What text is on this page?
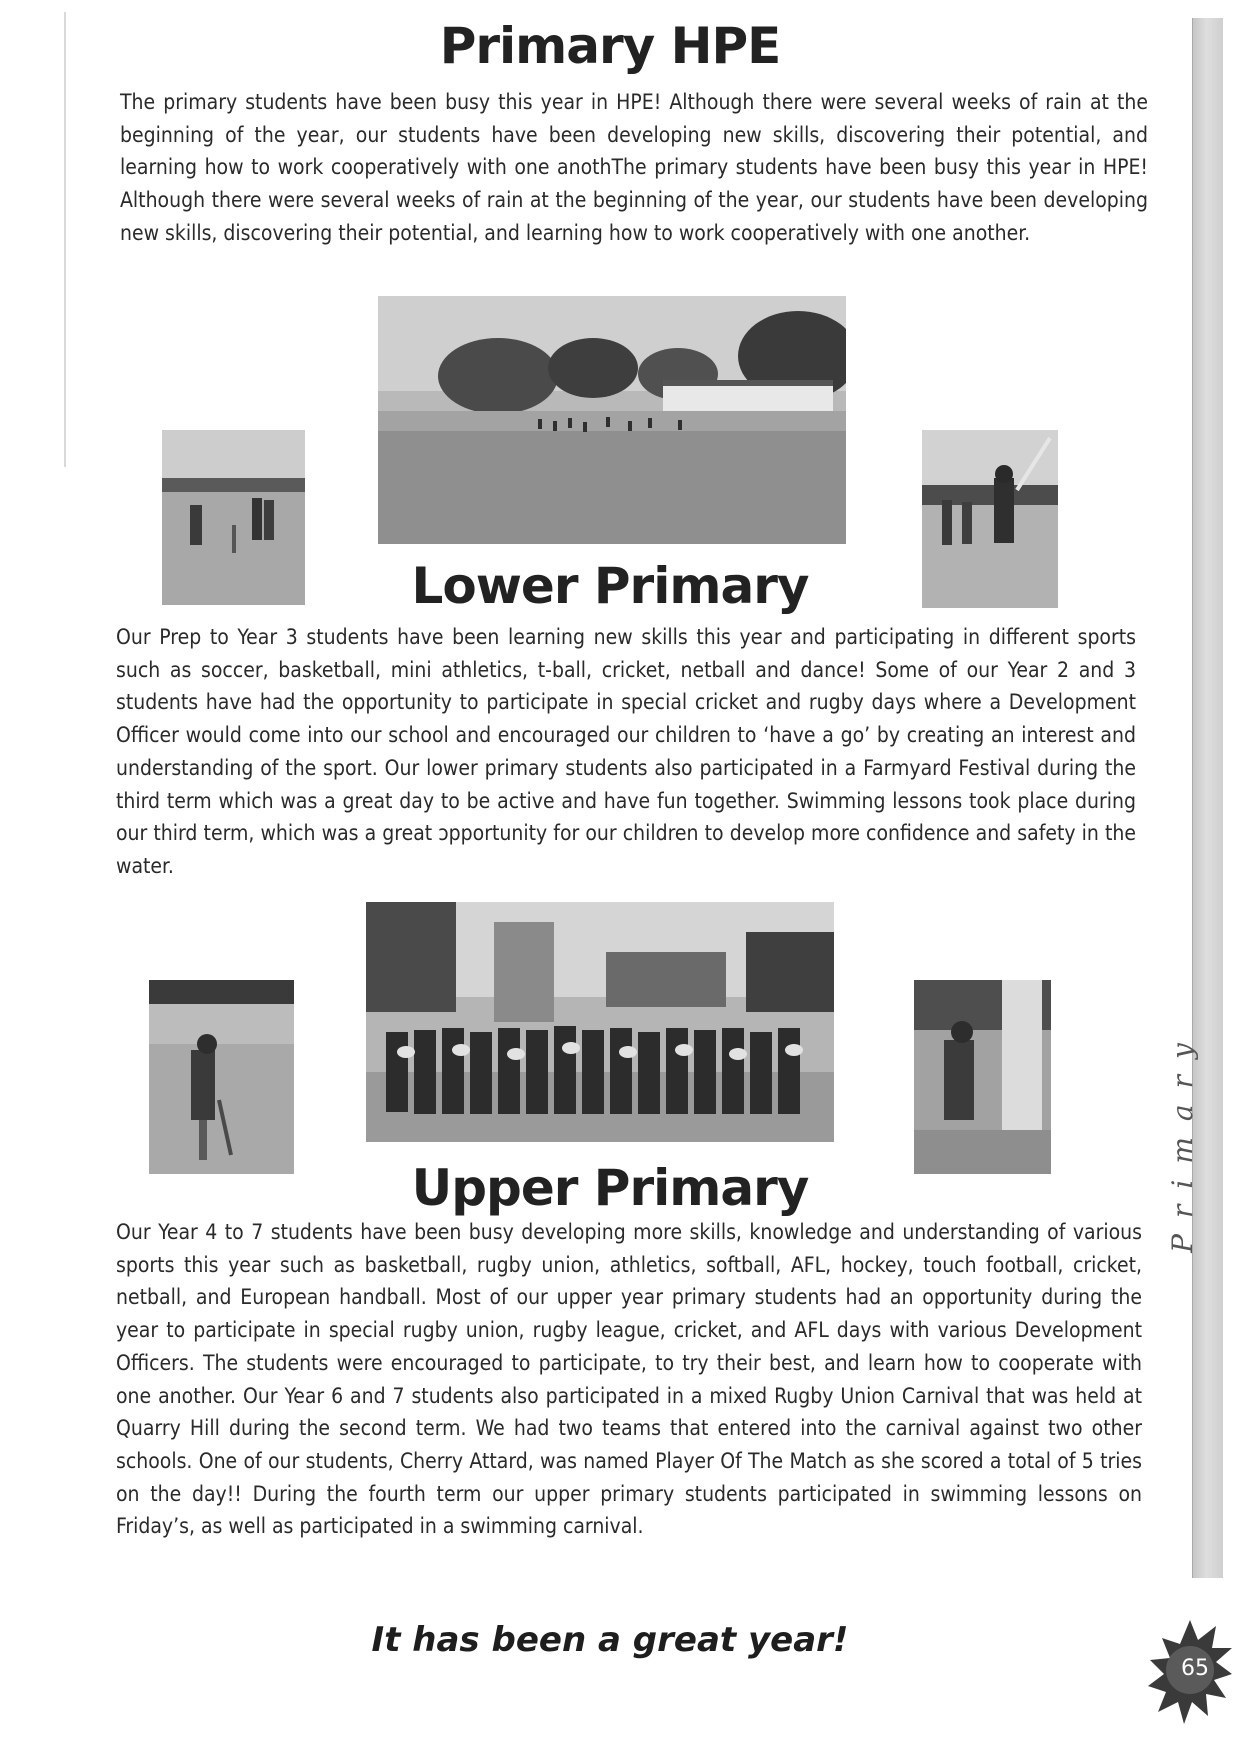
Primary
Primary HPE

The primary students have been busy this year in HPE! Although there were several weeks of rain at the beginning of the year, our students have been developing new skills, discovering their potential, and learning how to work cooperatively with one anothThe primary students have been busy this year in HPE! Although there were several weeks of rain at the beginning of the year, our students have been developing new skills, discovering their potential, and learning how to work cooperatively with one another.

Lower Primary

Our Prep to Year 3 students have been learning new skills this year and participating in different sports such as soccer, basketball, mini athletics, t-ball, cricket, netball and dance! Some of our Year 2 and 3 students have had the opportunity to participate in special cricket and rugby days where a Development Officer would come into our school and encouraged our children to ‘have a go’ by creating an interest and understanding of the sport. Our lower primary students also participated in a Farmyard Festival during the third term which was a great day to be active and have fun together. Swimming lessons took place during our third term, which was a great ɔpportunity for our children to develop more confidence and safety in the water.

Upper Primary

Our Year 4 to 7 students have been busy developing more skills, knowledge and understanding of various sports this year such as basketball, rugby union, athletics, softball, AFL, hockey, touch football, cricket, netball, and European handball. Most of our upper year primary students had an opportunity during the year to participate in special rugby union, rugby league, cricket, and AFL days with various Development Officers. The students were encouraged to participate, to try their best, and learn how to cooperate with one another. Our Year 6 and 7 students also participated in a mixed Rugby Union Carnival that was held at Quarry Hill during the second term. We had two teams that entered into the carnival against two other schools. One of our students, Cherry Attard, was named Player Of The Match as she scored a total of 5 tries on the day!! During the fourth term our upper primary students participated in swimming lessons on Friday’s, as well as participated in a swimming carnival.

It has been a great year!
65
